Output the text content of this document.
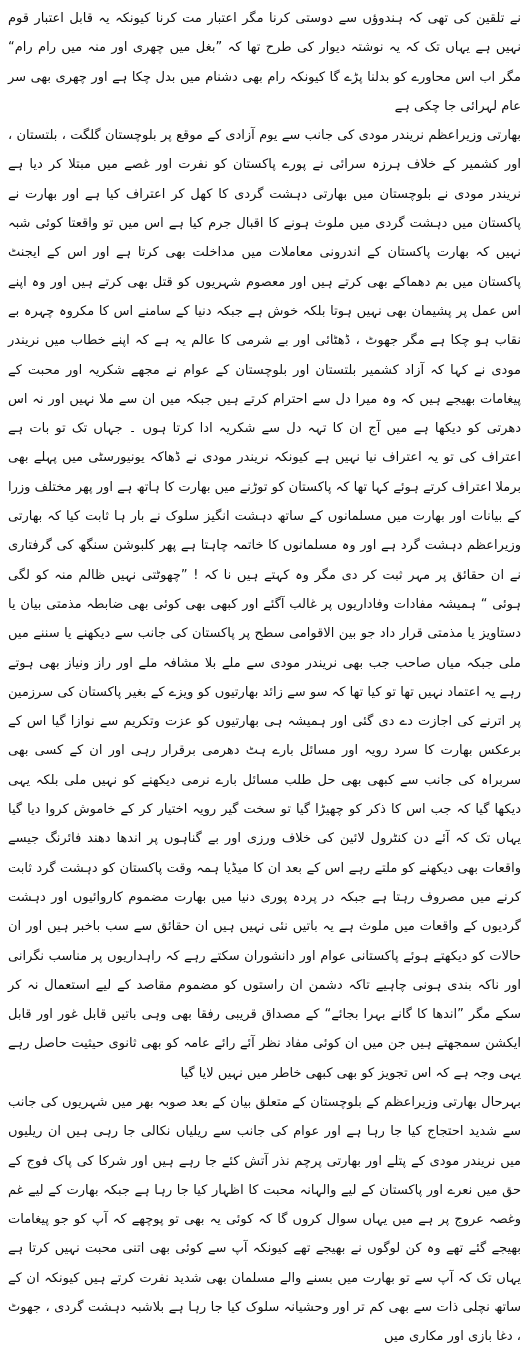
نے تلقین کی تھی کہ ہندوؤں سے دوستی کرنا مگر اعتبار مت کرنا کیونکہ یہ قابل اعتبار قوم نہیں ہے یہاں تک کہ یہ نوشتہ دیوار کی طرح تھا کہ ”بغل میں چھری اور منہ میں رام رام“ مگر اب اس محاورے کو بدلنا پڑے گا کیونکہ رام بھی دشنام میں بدل چکا ہے اور چھری بھی سر عام لہرائی جا چکی ہے

بھارتی وزیراعظم نریندر مودی کی جانب سے یوم آزادی کے موقع پر بلوچستان گلگت ، بلتستان ، اور کشمیر کے خلاف ہرزہ سرائی نے پورے پاکستان کو نفرت اور غصے میں مبتلا کر دیا ہے نریندر مودی نے بلوچستان میں بھارتی دہشت گردی کا کھل کر اعتراف کیا ہے اور بھارت نے پاکستان میں دہشت گردی میں ملوث ہونے کا اقبال جرم کیا ہے اس میں تو واقعتا کوئی شبہ نہیں کہ بھارت پاکستان کے اندرونی معاملات میں مداخلت بھی کرتا ہے اور اس کے ایجنٹ پاکستان میں بم دھماکے بھی کرتے ہیں اور معصوم شہریوں کو قتل بھی کرتے ہیں اور وہ اپنے اس عمل پر پشیمان بھی نہیں ہوتا بلکہ خوش ہے جبکہ دنیا کے سامنے اس کا مکروہ چہرہ بے نقاب ہو چکا ہے مگر جھوٹ ، ڈھٹائی اور بے شرمی کا عالم یہ ہے کہ اپنے خطاب میں نریندر مودی نے کہا کہ آزاد کشمیر بلتستان اور بلوچستان کے عوام نے مجھے شکریہ اور محبت کے پیغامات بھیجے ہیں کہ وہ میرا دل سے احترام کرتے ہیں جبکہ میں ان سے ملا نہیں اور نہ اس دھرتی کو دیکھا ہے میں آج ان کا تہہ دل سے شکریہ ادا کرتا ہوں ۔ جہاں تک تو بات ہے اعتراف کی تو یہ اعتراف نیا نہیں ہے کیونکہ نریندر مودی نے ڈھاکہ یونیورسٹی میں پہلے بھی برملا اعتراف کرتے ہوئے کہا تھا کہ پاکستان کو توڑنے میں بھارت کا ہاتھ ہے اور پھر مختلف وزرا کے بیانات اور بھارت میں مسلمانوں کے ساتھ دہشت انگیز سلوک نے بار ہا ثابت کیا کہ بھارتی وزیراعظم دہشت گرد ہے اور وہ مسلمانوں کا خاتمہ چاہتا ہے پھر کلبوشن سنگھ کی گرفتاری نے ان حقائق پر مہر ثبت کر دی مگر وہ کہتے ہیں نا کہ ! ”چھوٹتی نہیں ظالم منہ کو لگی ہوئی “ ہمیشہ مفادات وفاداریوں پر غالب آگئے اور کبھی بھی کوئی بھی ضابطہ مذمتی بیان یا دستاویز یا مذمتی قرار داد جو بین الاقوامی سطح پر پاکستان کی جانب سے دیکھنے یا سننے میں ملی جبکہ میاں صاحب جب بھی نریندر مودی سے ملے بلا مشافہ ملے اور راز ونیاز بھی ہوتے رہے یہ اعتماد نہیں تھا تو کیا تھا کہ سو سے زائد بھارتیوں کو ویزے کے بغیر پاکستان کی سرزمین پر اترنے کی اجازت دے دی گئی اور ہمیشہ ہی بھارتیوں کو عزت وتکریم سے نوازا گیا اس کے برعکس بھارت کا سرد رویہ اور مسائل بارے ہٹ دھرمی برقرار رہی اور ان کے کسی بھی سربراہ کی جانب سے کبھی بھی حل طلب مسائل بارے نرمی دیکھنے کو نہیں ملی بلکہ یہی دیکھا گیا کہ جب اس کا ذکر کو چھیڑا گیا تو سخت گیر رویہ اختیار کر کے خاموش کروا دیا گیا یہاں تک کہ آئے دن کنٹرول لائین کی خلاف ورزی اور بے گناہوں پر اندھا دھند فائرنگ جیسے واقعات بھی دیکھنے کو ملتے رہے اس کے بعد ان کا میڈیا ہمہ وقت پاکستان کو دہشت گرد ثابت کرنے میں مصروف رہتا ہے جبکہ در پردہ پوری دنیا میں بھارت مضموم کاروائیوں اور دہشت گردیوں کے واقعات میں ملوث ہے یہ باتیں نئی نہیں ہیں ان حقائق سے سب باخبر ہیں اور ان حالات کو دیکھتے ہوئے پاکستانی عوام اور دانشوران سکتے رہے کہ راہداریوں پر مناسب نگرانی اور ناکہ بندی ہونی چاہیے تاکہ دشمن ان راستوں کو مضموم مقاصد کے لیے استعمال نہ کر سکے مگر ”اندھا کا گانے بہرا بجائے“ کے مصداق قریبی رفقا بھی وہی باتیں قابل غور اور قابل ایکشن سمجھتے ہیں جن میں ان کوئی مفاد نظر آئے رائے عامہ کو بھی ثانوی حیثیت حاصل رہے یہی وجہ ہے کہ اس تجویز کو بھی کبھی خاطر میں نہیں لایا گیا

بہرحال بھارتی وزیراعظم کے بلوچستان کے متعلق بیان کے بعد صوبہ بھر میں شہریوں کی جانب سے شدید احتجاج کیا جا رہا ہے اور عوام کی جانب سے ریلیاں نکالی جا رہی ہیں ان ریلیوں میں نریندر مودی کے پتلے اور بھارتی پرچم نذر آتش کئے جا رہے ہیں اور شرکا کی پاک فوج کے حق میں نعرے اور پاکستان کے لیے والہانہ محبت کا اظہار کیا جا رہا ہے جبکہ بھارت کے لیے غم وغصہ عروج پر ہے میں یہاں سوال کروں گا کہ کوئی یہ بھی تو پوچھے کہ آپ کو جو پیغامات بھیجے گئے تھے وہ کن لوگوں نے بھیجے تھے کیونکہ آپ سے کوئی بھی اتنی محبت نہیں کرتا ہے یہاں تک کہ آپ سے تو بھارت میں بسنے والے مسلمان بھی شدید نفرت کرتے ہیں کیونکہ ان کے ساتھ نچلی ذات سے بھی کم تر اور وحشیانہ سلوک کیا جا رہا ہے بلاشبہ دہشت گردی ، جھوٹ ، دغا بازی اور مکاری میں
